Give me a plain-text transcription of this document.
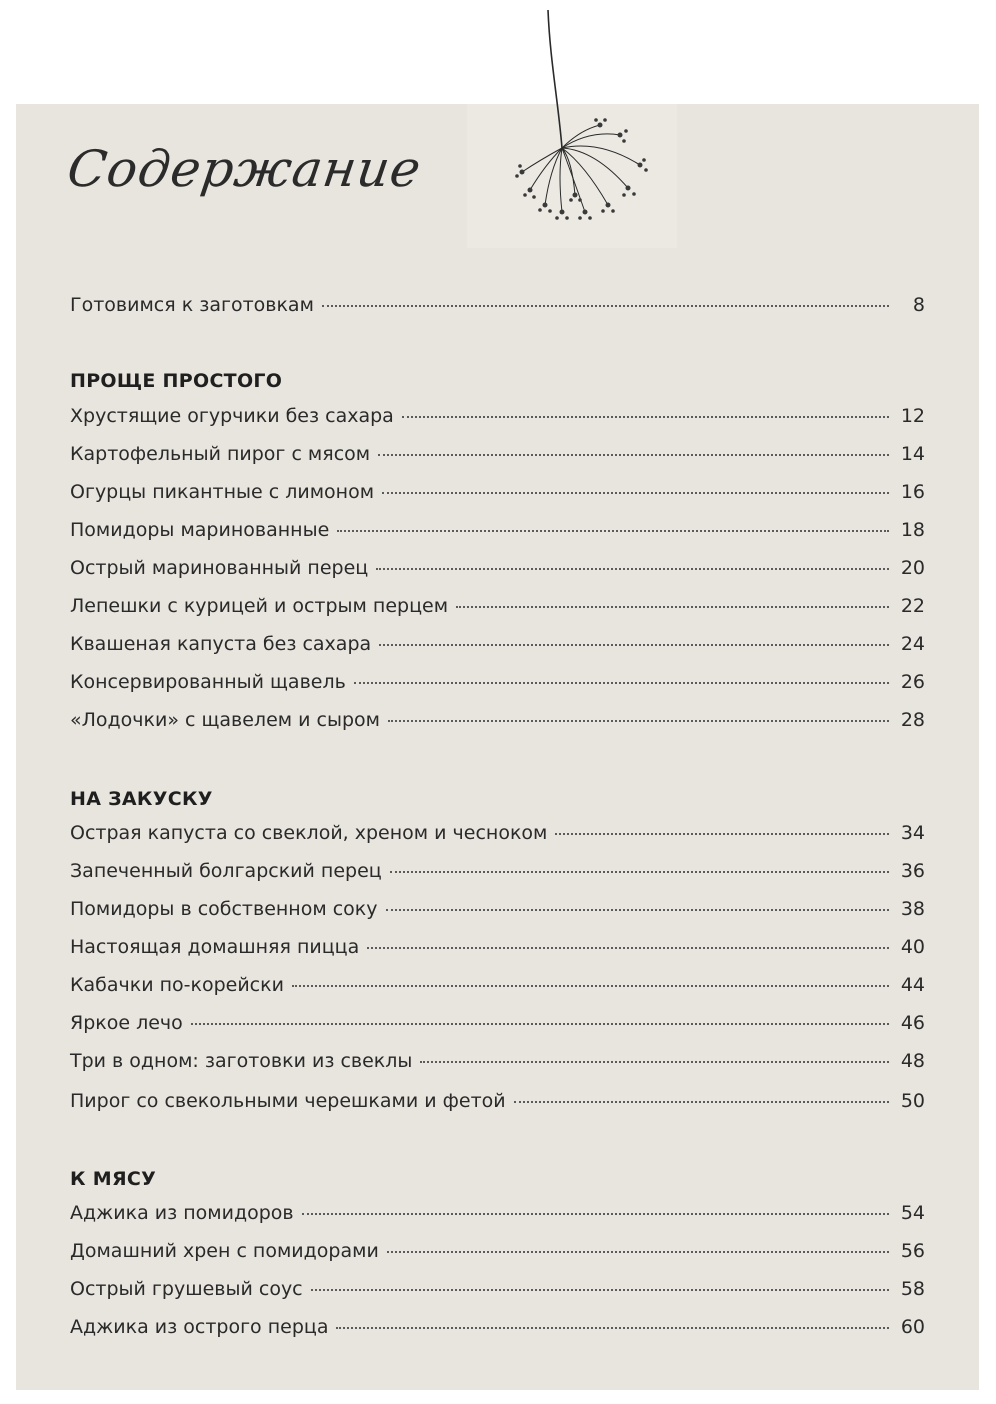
Содержание
Готовимся к заготовкам	8
ПРОЩЕ ПРОСТОГО
Хрустящие огурчики без сахара	12
Картофельный пирог с мясом	14
Огурцы пикантные с лимоном	16
Помидоры маринованные	18
Острый маринованный перец	20
Лепешки с курицей и острым перцем	22
Квашеная капуста без сахара	24
Консервированный щавель	26
«Лодочки» с щавелем и сыром	28
НА ЗАКУСКУ
Острая капуста со свеклой, хреном и чесноком	34
Запеченный болгарский перец	36
Помидоры в собственном соку	38
Настоящая домашняя пицца	40
Кабачки по-корейски	44
Яркое лечо	46
Три в одном: заготовки из свеклы	48
Пирог со свекольными черешками и фетой	50
К МЯСУ
Аджика из помидоров	54
Домашний хрен с помидорами	56
Острый грушевый соус	58
Аджика из острого перца	60
